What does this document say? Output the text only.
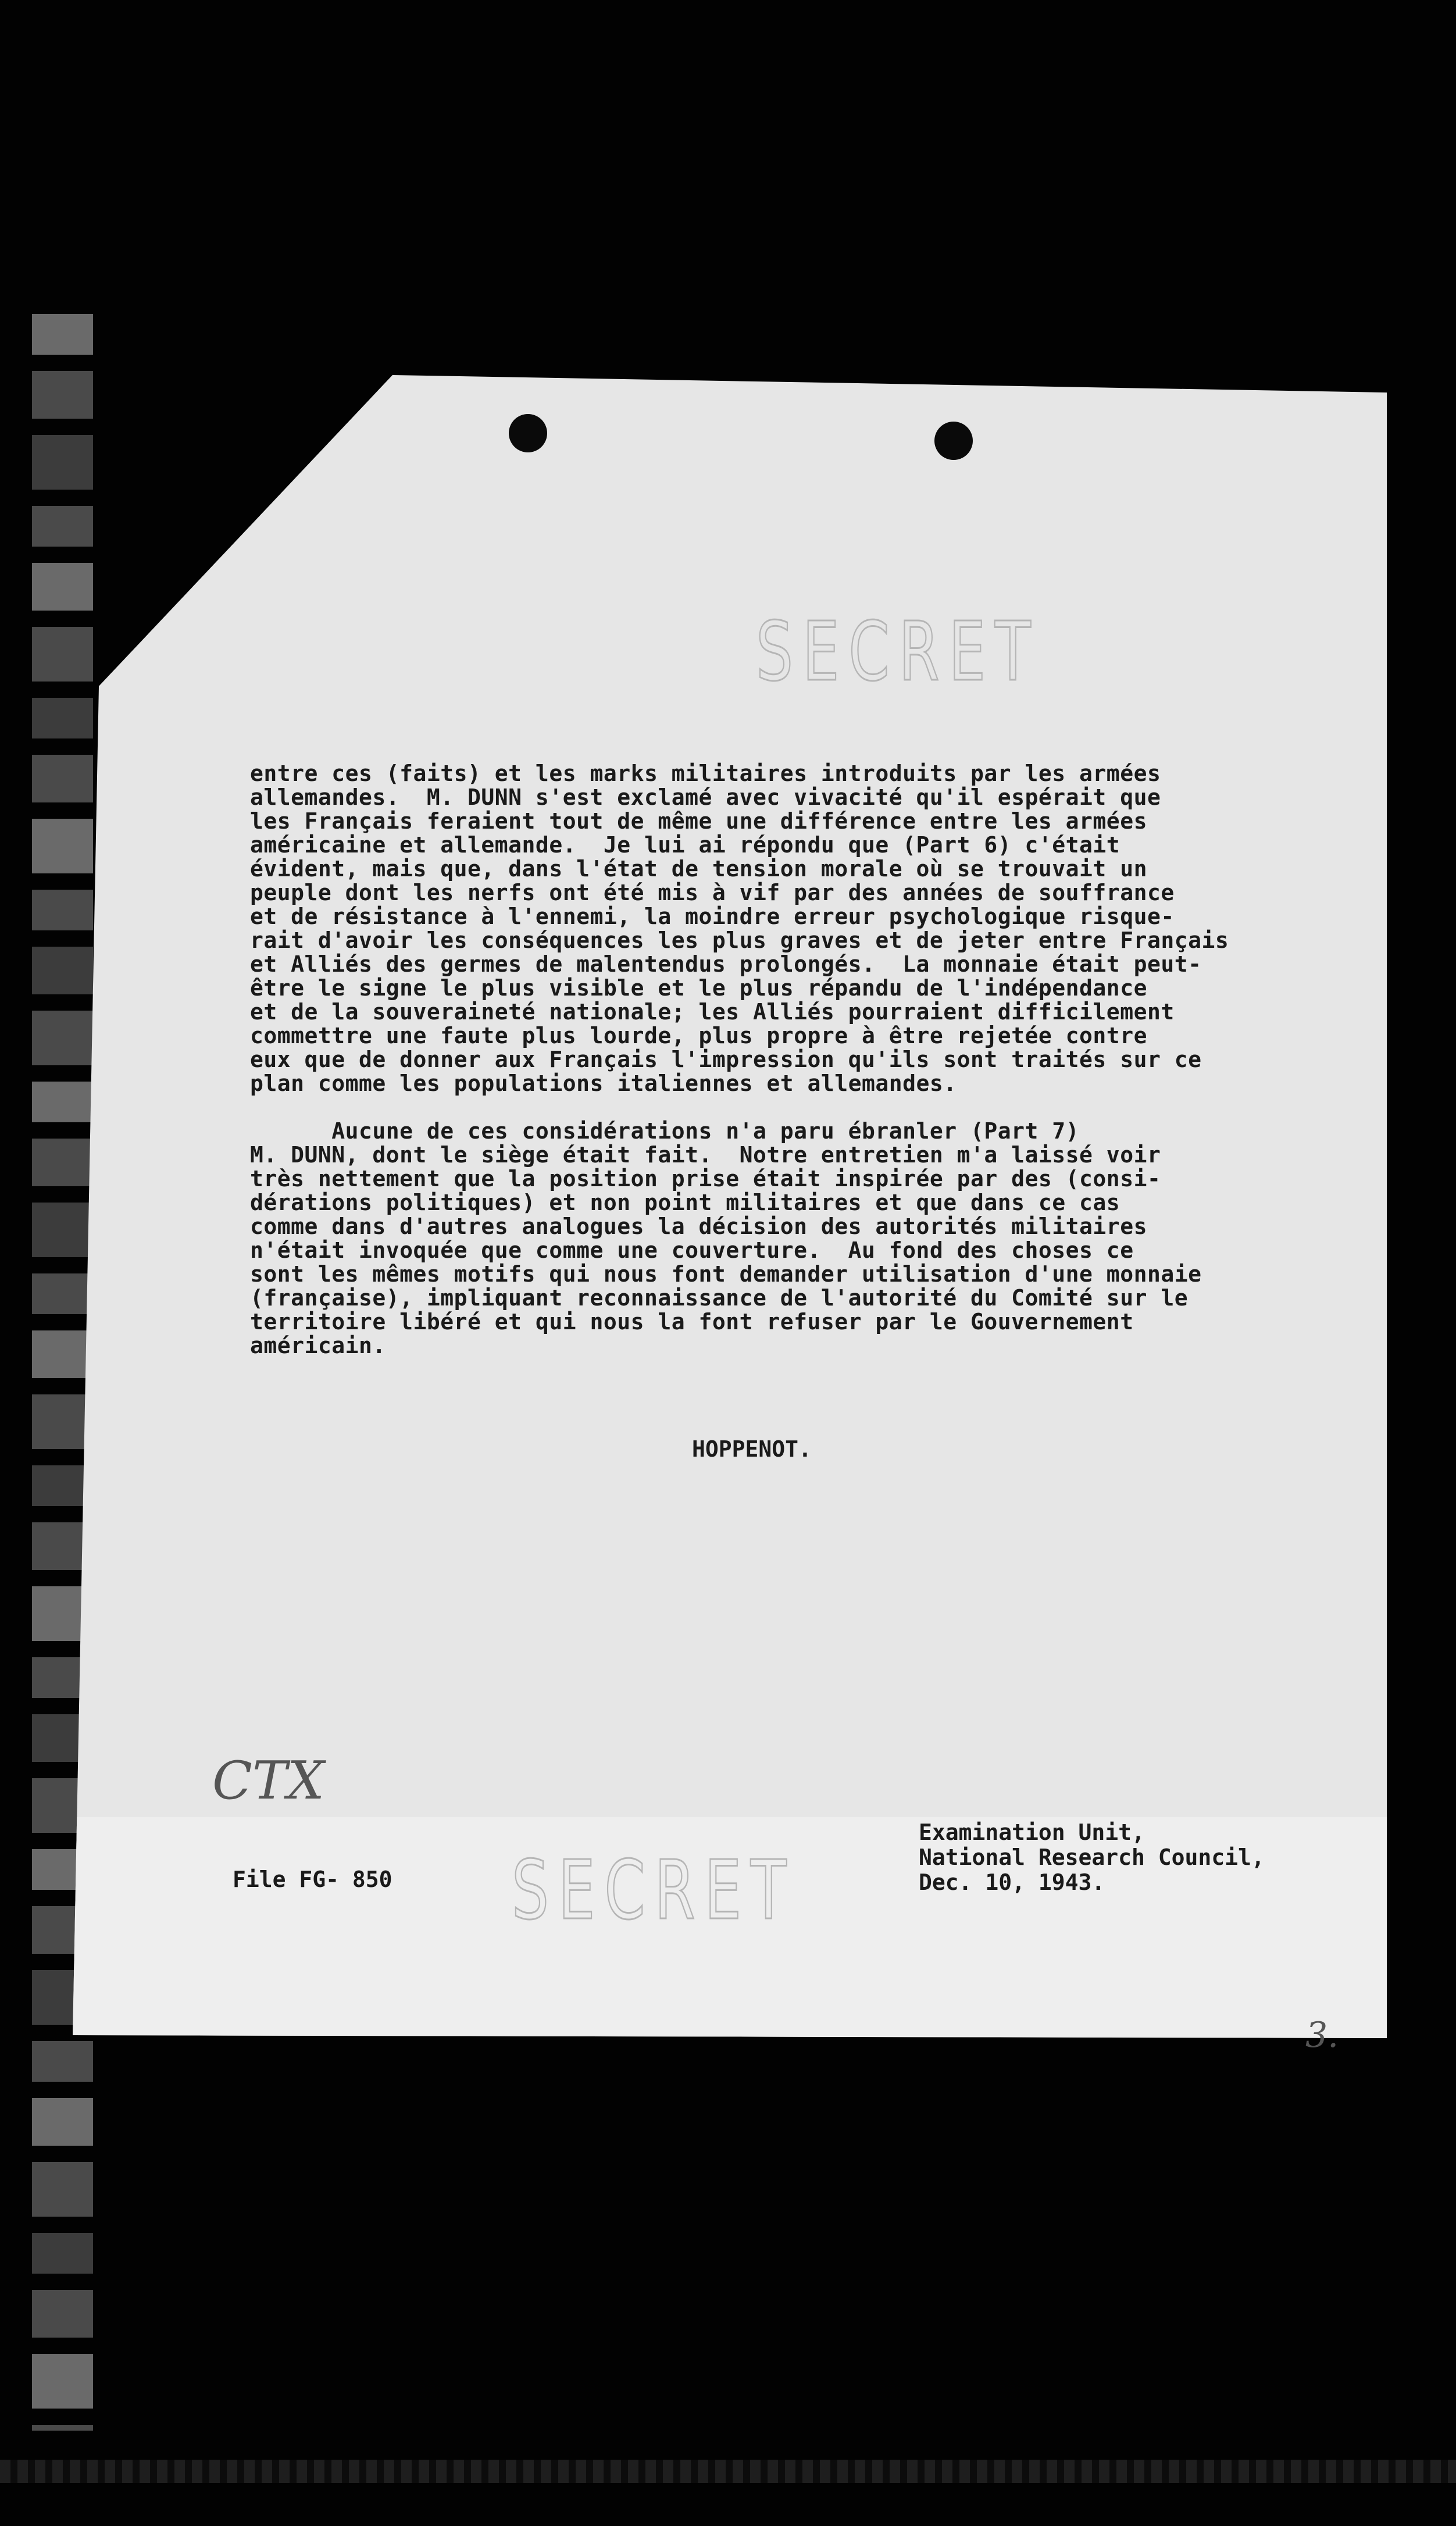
SECRET
entre ces (faits) et les marks militaires introduits par les armées
allemandes.  M. DUNN s'est exclamé avec vivacité qu'il espérait que
les Français feraient tout de même une différence entre les armées
américaine et allemande.  Je lui ai répondu que (Part 6) c'était
évident, mais que, dans l'état de tension morale où se trouvait un
peuple dont les nerfs ont été mis à vif par des années de souffrance
et de résistance à l'ennemi, la moindre erreur psychologique risque-
rait d'avoir les conséquences les plus graves et de jeter entre Français
et Alliés des germes de malentendus prolongés.  La monnaie était peut-
être le signe le plus visible et le plus répandu de l'indépendance
et de la souveraineté nationale; les Alliés pourraient difficilement
commettre une faute plus lourde, plus propre à être rejetée contre
eux que de donner aux Français l'impression qu'ils sont traités sur ce
plan comme les populations italiennes et allemandes.
Aucune de ces considérations n'a paru ébranler (Part 7)
M. DUNN, dont le siège était fait.  Notre entretien m'a laissé voir
très nettement que la position prise était inspirée par des (consi-
dérations politiques) et non point militaires et que dans ce cas
comme dans d'autres analogues la décision des autorités militaires
n'était invoquée que comme une couverture.  Au fond des choses ce
sont les mêmes motifs qui nous font demander utilisation d'une monnaie
(française), impliquant reconnaissance de l'autorité du Comité sur le
territoire libéré et qui nous la font refuser par le Gouvernement
américain.
HOPPENOT.
CTX
File FG- 850 SECRET
Examination Unit,
National Research Council,
Dec. 10, 1943.
3.
